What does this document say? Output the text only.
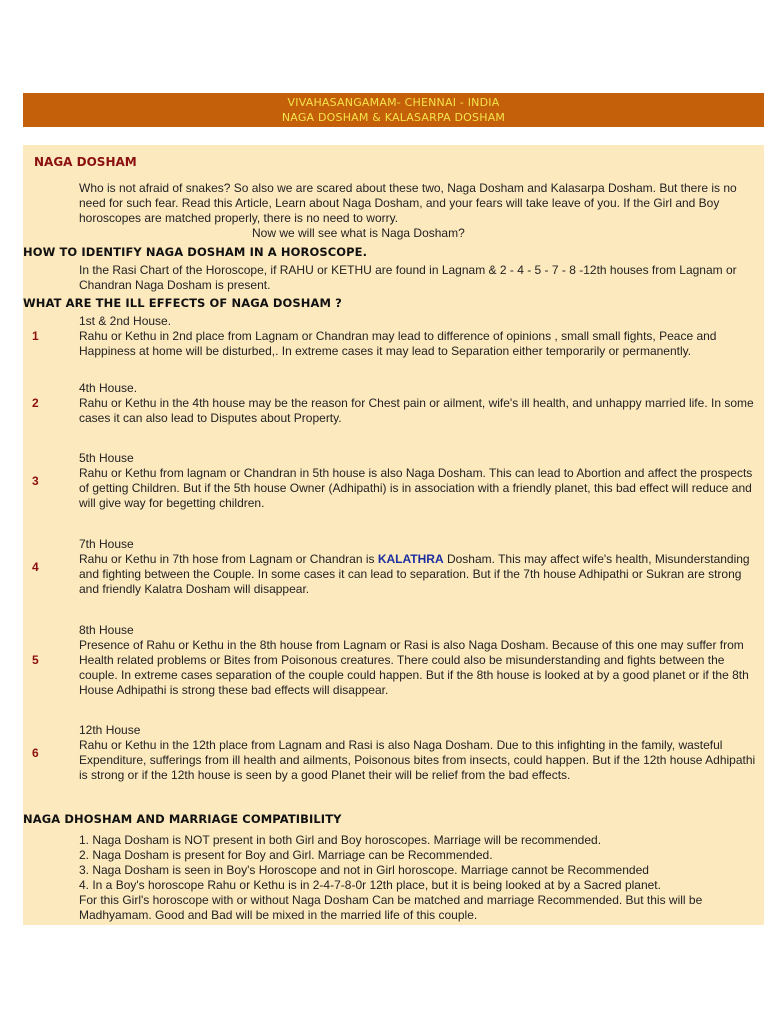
VIVAHASANGAMAM- CHENNAI - INDIA
NAGA DOSHAM & KALASARPA DOSHAM
NAGA DOSHAM
Who is not afraid of snakes? So also we are scared about these two, Naga Dosham and Kalasarpa Dosham. But there is no need for such fear. Read this Article, Learn about Naga Dosham, and your fears will take leave of you. If the Girl and Boy horoscopes are matched properly, there is no need to worry.
Now we will see what is Naga Dosham?
HOW TO IDENTIFY NAGA DOSHAM IN A HOROSCOPE.
In the Rasi Chart of the Horoscope, if RAHU or KETHU are found in Lagnam & 2 - 4 - 5 - 7 - 8 -12th houses from Lagnam or Chandran Naga Dosham is present.
WHAT ARE THE ILL EFFECTS OF NAGA DOSHAM ?
1
1st & 2nd House.
Rahu or Kethu in 2nd place from Lagnam or Chandran may lead to difference of opinions , small small fights, Peace and Happiness at home will be disturbed,. In extreme cases it may lead to Separation either temporarily or permanently.
2
4th House.
Rahu or Kethu in the 4th house may be the reason for Chest pain or ailment, wife's ill health, and unhappy married life. In some cases it can also lead to Disputes about Property.
3
5th House
Rahu or Kethu from lagnam or Chandran in 5th house is also Naga Dosham. This can lead to Abortion and affect the prospects of getting Children. But if the 5th house Owner (Adhipathi) is in association with a friendly planet, this bad effect will reduce and will give way for begetting children.
4
7th House
Rahu or Kethu in 7th hose from Lagnam or Chandran is KALATHRA Dosham. This may affect wife's health, Misunderstanding and fighting between the Couple. In some cases it can lead to separation. But if the 7th house Adhipathi or Sukran are strong and friendly Kalatra Dosham will disappear.
5
8th House
Presence of Rahu or Kethu in the 8th house from Lagnam or Rasi is also Naga Dosham. Because of this one may suffer from Health related problems or Bites from Poisonous creatures. There could also be misunderstanding and fights between the couple. In extreme cases separation of the couple could happen. But if the 8th house is looked at by a good planet or if the 8th House Adhipathi is strong these bad effects will disappear.
6
12th House
Rahu or Kethu in the 12th place from Lagnam and Rasi is also Naga Dosham. Due to this infighting in the family, wasteful Expenditure, sufferings from ill health and ailments, Poisonous bites from insects, could happen. But if the 12th house Adhipathi is strong or if the 12th house is seen by a good Planet their will be relief from the bad effects.
NAGA DHOSHAM AND MARRIAGE COMPATIBILITY
1. Naga Dosham is NOT present in both Girl and Boy horoscopes. Marriage will be recommended.
2. Naga Dosham is present for Boy and Girl. Marriage can be Recommended.
3. Naga Dosham is seen in Boy's Horoscope and not in Girl horoscope. Marriage cannot be Recommended
4. In a Boy's horoscope Rahu or Kethu is in 2-4-7-8-0r 12th place, but it is being looked at by a Sacred planet.
For this Girl's horoscope with or without Naga Dosham Can be matched and marriage Recommended. But this will be Madhyamam. Good and Bad will be mixed in the married life of this couple.
